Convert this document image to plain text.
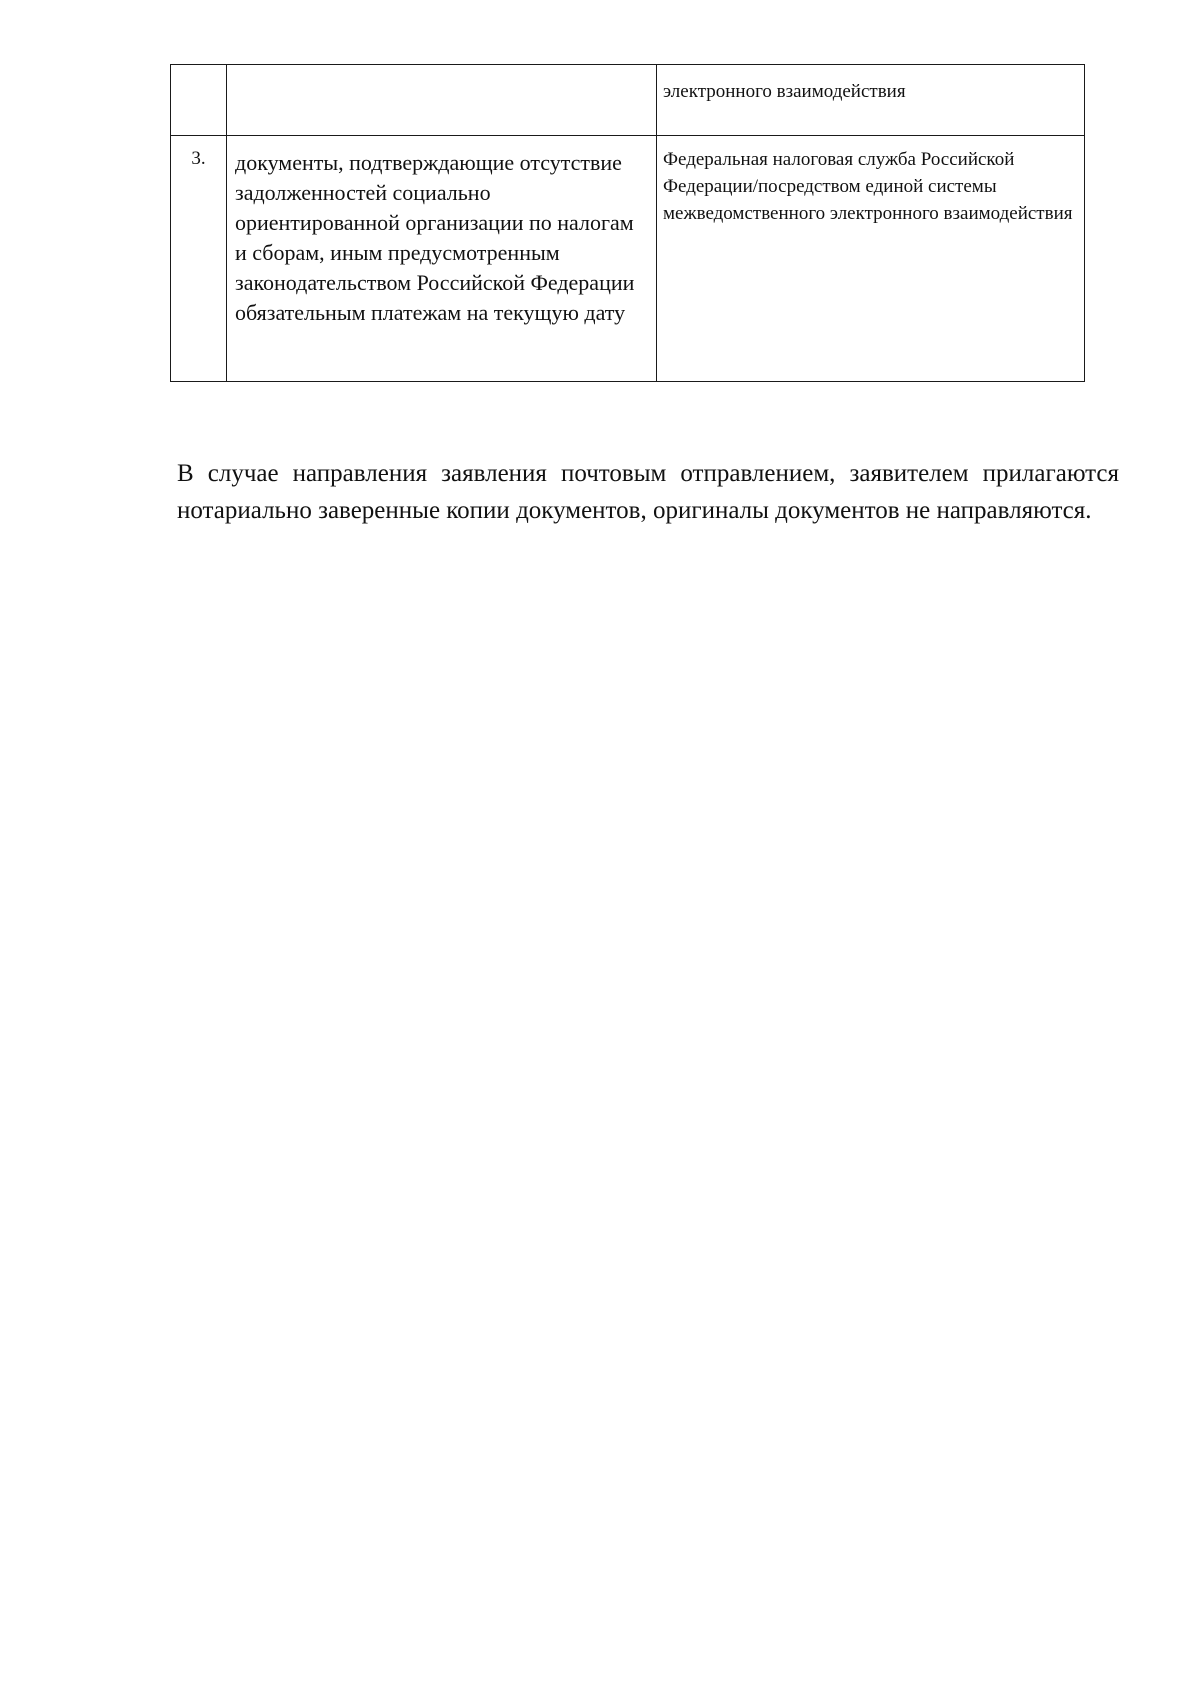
		электронного взаимодействия

3.	документы, подтверждающие отсутствие задолженностей социально ориентированной организации по налогам и сборам, иным предусмотренным законодательством Российской Федерации обязательным платежам на текущую дату	Федеральная налоговая служба Российской Федерации/посредством единой системы межведомственного электронного взаимодействия

В случае направления заявления почтовым отправлением, заявителем прилагаются нотариально заверенные копии документов, оригиналы документов не направляются.
